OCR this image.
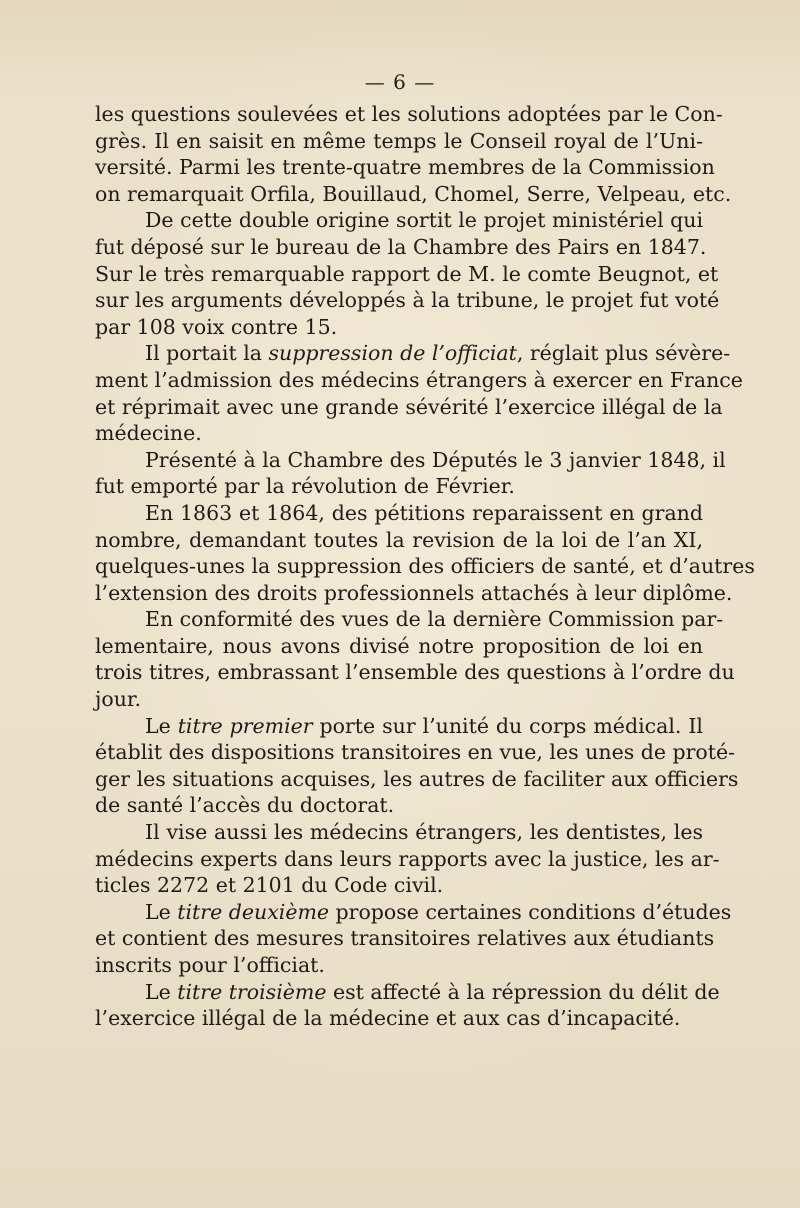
— 6 —
les questions soulevées et les solutions adoptées par le Con-
grès. Il en saisit en même temps le Conseil royal de l’Uni-
versité. Parmi les trente-quatre membres de la Commission
on remarquait Orfila, Bouillaud, Chomel, Serre, Velpeau, etc.
De cette double origine sortit le projet ministériel qui
fut déposé sur le bureau de la Chambre des Pairs en 1847.
Sur le très remarquable rapport de M. le comte Beugnot, et
sur les arguments développés à la tribune, le projet fut voté
par 108 voix contre 15.
Il portait la suppression de l’officiat, réglait plus sévère-
ment l’admission des médecins étrangers à exercer en France
et réprimait avec une grande sévérité l’exercice illégal de la
médecine.
Présenté à la Chambre des Députés le 3 janvier 1848, il
fut emporté par la révolution de Février.
En 1863 et 1864, des pétitions reparaissent en grand
nombre, demandant toutes la revision de la loi de l’an XI,
quelques-unes la suppression des officiers de santé, et d’autres
l’extension des droits professionnels attachés à leur diplôme.
En conformité des vues de la dernière Commission par-
lementaire, nous avons divisé notre proposition de loi en
trois titres, embrassant l’ensemble des questions à l’ordre du
jour.
Le titre premier porte sur l’unité du corps médical. Il
établit des dispositions transitoires en vue, les unes de proté-
ger les situations acquises, les autres de faciliter aux officiers
de santé l’accès du doctorat.
Il vise aussi les médecins étrangers, les dentistes, les
médecins experts dans leurs rapports avec la justice, les ar-
ticles 2272 et 2101 du Code civil.
Le titre deuxième propose certaines conditions d’études
et contient des mesures transitoires relatives aux étudiants
inscrits pour l’officiat.
Le titre troisième est affecté à la répression du délit de
l’exercice illégal de la médecine et aux cas d’incapacité.
